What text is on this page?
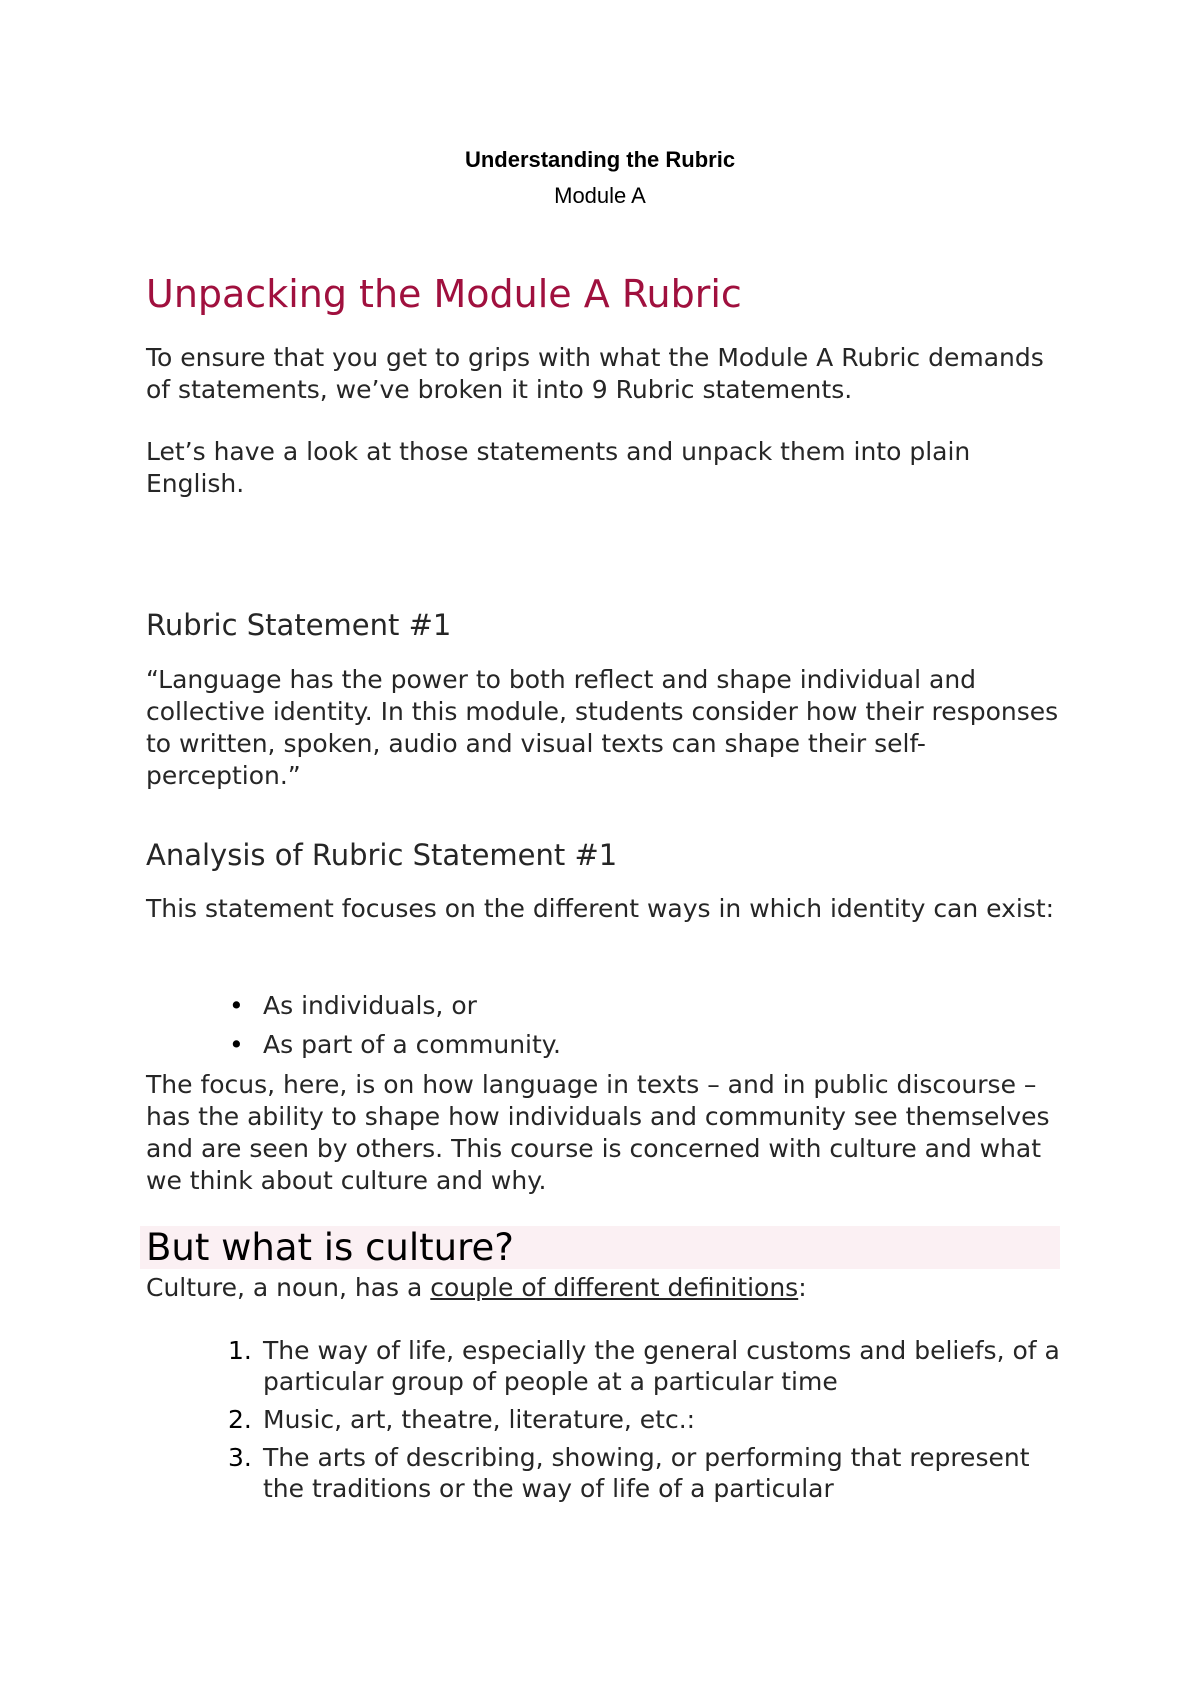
Understanding the Rubric
Module A
Unpacking the Module A Rubric

To ensure that you get to grips with what the Module A Rubric demands of statements, we’ve broken it into 9 Rubric statements.

Let’s have a look at those statements and unpack them into plain English.

Rubric Statement #1

“Language has the power to both reflect and shape individual and collective identity. In this module, students consider how their responses to written, spoken, audio and visual texts can shape their self-perception.”

Analysis of Rubric Statement #1

This statement focuses on the different ways in which identity can exist:

• As individuals, or
• As part of a community.

The focus, here, is on how language in texts – and in public discourse – has the ability to shape how individuals and community see themselves and are seen by others. This course is concerned with culture and what we think about culture and why.

But what is culture?

Culture, a noun, has a couple of different definitions:

1. The way of life, especially the general customs and beliefs, of a particular group of people at a particular time
2. Music, art, theatre, literature, etc.:
3. The arts of describing, showing, or performing that represent the traditions or the way of life of a particular
